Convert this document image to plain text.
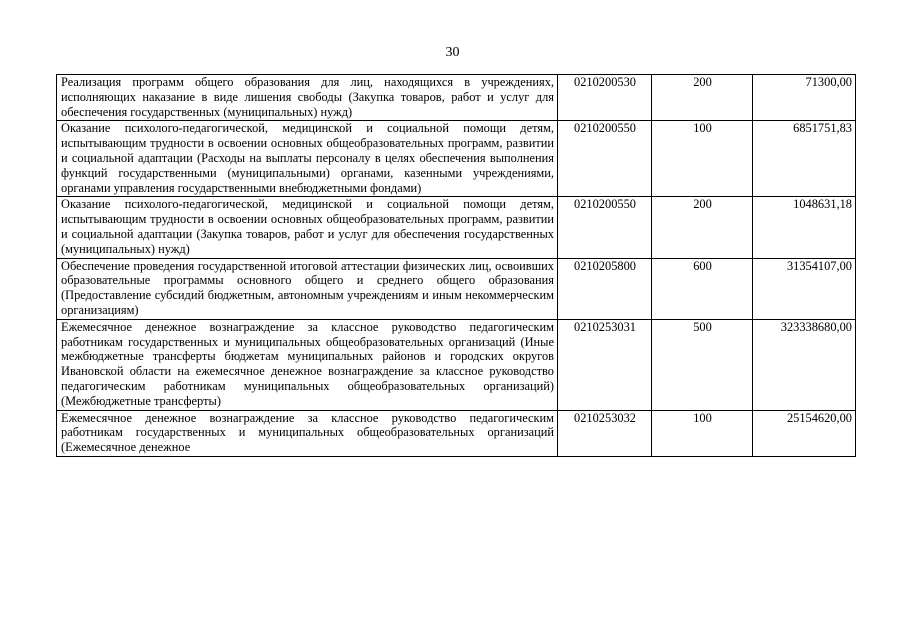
30
Реализация программ общего образования для лиц, находящихся в учреждениях, исполняющих наказание в виде лишения свободы (Закупка товаров, работ и услуг для обеспечения государственных (муниципальных) нужд)	0210200530	200	71300,00

Оказание психолого-педагогической, медицинской и социальной помощи детям, испытывающим трудности в освоении основных общеобразовательных программ, развитии и социальной адаптации (Расходы на выплаты персоналу в целях обеспечения выполнения функций государственными (муниципальными) органами, казенными учреждениями, органами управления государственными внебюджетными фондами)	0210200550	100	6851751,83

Оказание психолого-педагогической, медицинской и социальной помощи детям, испытывающим трудности в освоении основных общеобразовательных программ, развитии и социальной адаптации (Закупка товаров, работ и услуг для обеспечения государственных (муниципальных) нужд)	0210200550	200	1048631,18

Обеспечение проведения государственной итоговой аттестации физических лиц, освоивших образовательные программы основного общего и среднего общего образования (Предоставление субсидий бюджетным, автономным учреждениям и иным некоммерческим организациям)	0210205800	600	31354107,00

Ежемесячное денежное вознаграждение за классное руководство педагогическим работникам государственных и муниципальных общеобразовательных организаций (Иные межбюджетные трансферты бюджетам муниципальных районов и городских округов Ивановской области на ежемесячное денежное вознаграждение за классное руководство педагогическим работникам муниципальных общеобразовательных организаций) (Межбюджетные трансферты)	0210253031	500	323338680,00

Ежемесячное денежное вознаграждение за классное руководство педагогическим работникам государственных и муниципальных общеобразовательных организаций (Ежемесячное денежное	0210253032	100	25154620,00
